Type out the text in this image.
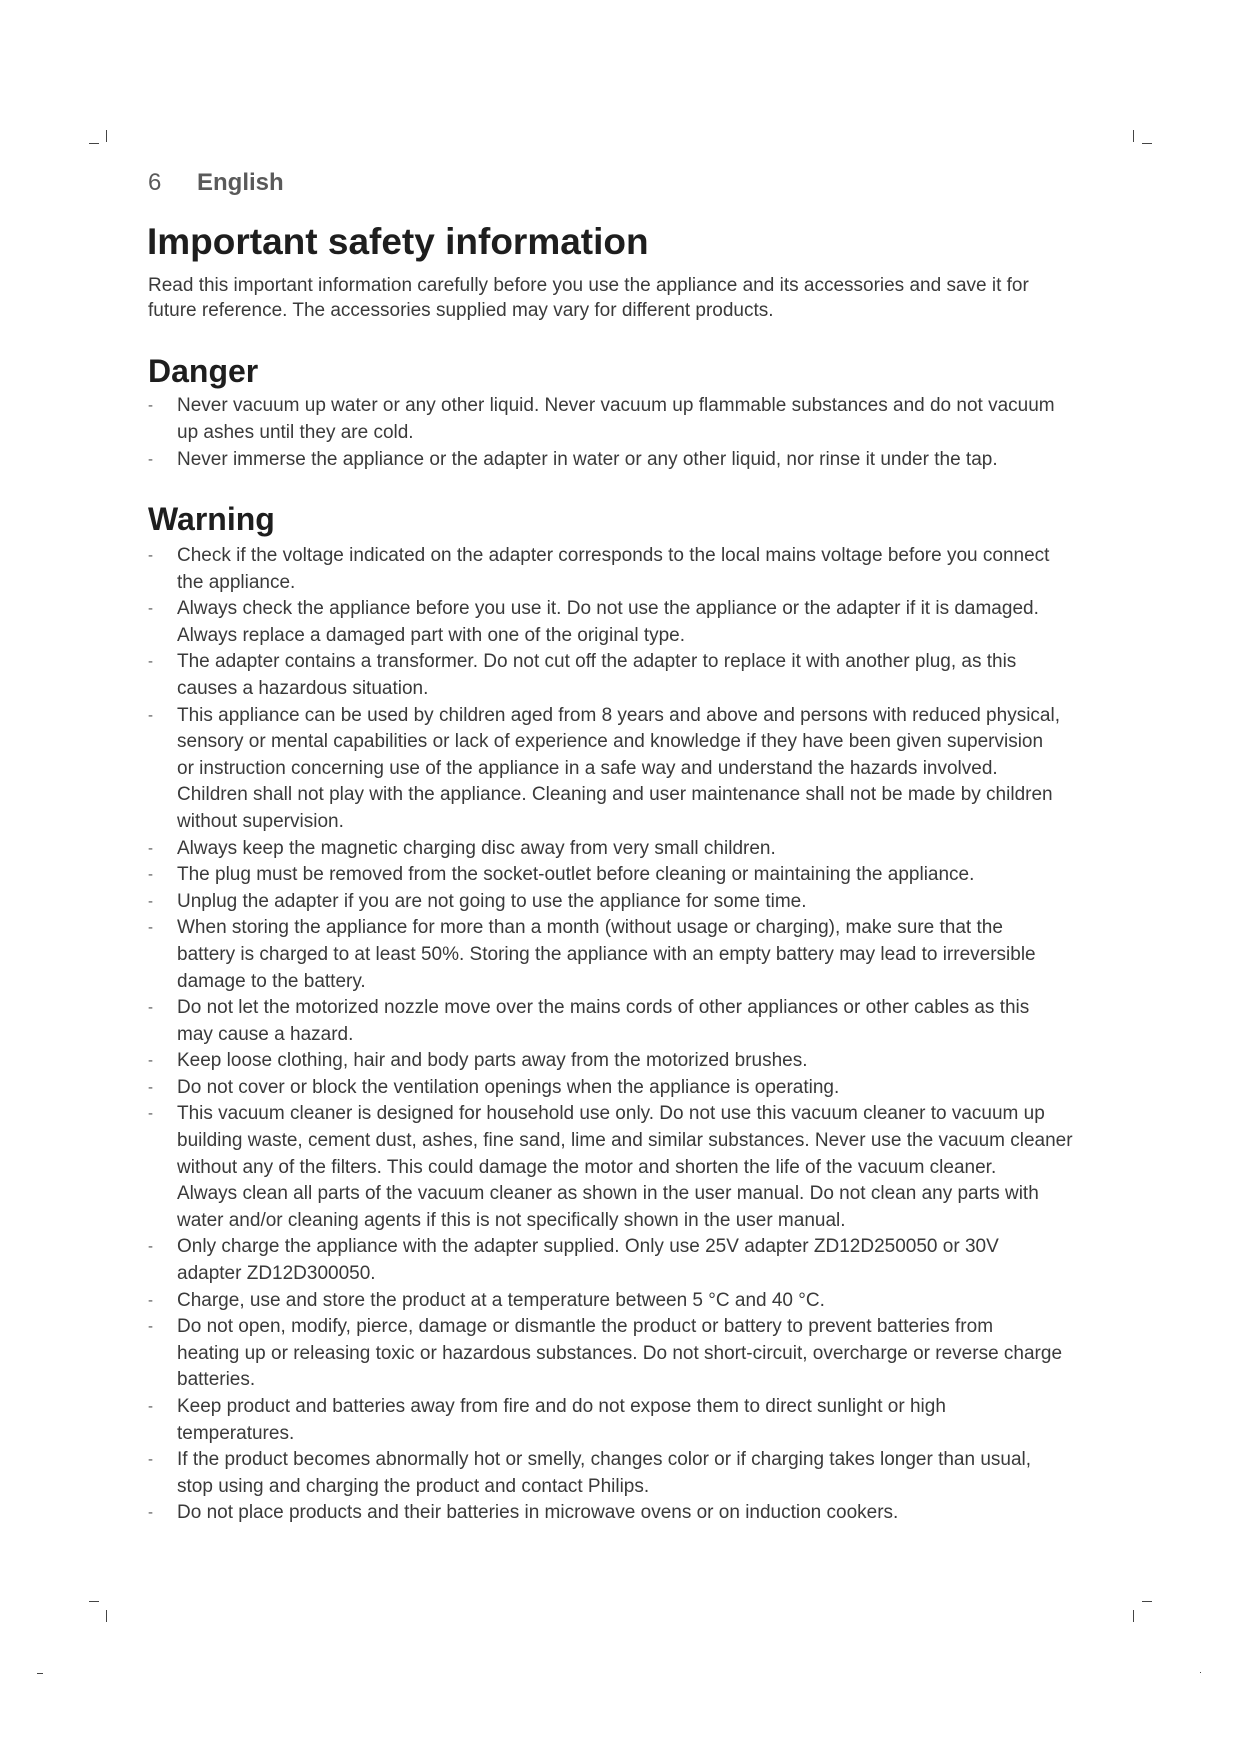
6 English
Important safety information
Read this important information carefully before you use the appliance and its accessories and save it for
future reference. The accessories supplied may vary for different products.
Danger
-	Never vacuum up water or any other liquid. Never vacuum up flammable substances and do not vacuum
up ashes until they are cold.
-	Never immerse the appliance or the adapter in water or any other liquid, nor rinse it under the tap.
Warning
-	Check if the voltage indicated on the adapter corresponds to the local mains voltage before you connect
the appliance.
-	Always check the appliance before you use it. Do not use the appliance or the adapter if it is damaged.
Always replace a damaged part with one of the original type.
-	The adapter contains a transformer. Do not cut off the adapter to replace it with another plug, as this
causes a hazardous situation.
-	This appliance can be used by children aged from 8 years and above and persons with reduced physical,
sensory or mental capabilities or lack of experience and knowledge if they have been given supervision
or instruction concerning use of the appliance in a safe way and understand the hazards involved.
Children shall not play with the appliance. Cleaning and user maintenance shall not be made by children
without supervision.
-	Always keep the magnetic charging disc away from very small children.
-	The plug must be removed from the socket-outlet before cleaning or maintaining the appliance.
-	Unplug the adapter if you are not going to use the appliance for some time.
-	When storing the appliance for more than a month (without usage or charging), make sure that the
battery is charged to at least 50%. Storing the appliance with an empty battery may lead to irreversible
damage to the battery.
-	Do not let the motorized nozzle move over the mains cords of other appliances or other cables as this
may cause a hazard.
-	Keep loose clothing, hair and body parts away from the motorized brushes.
-	Do not cover or block the ventilation openings when the appliance is operating.
-	This vacuum cleaner is designed for household use only. Do not use this vacuum cleaner to vacuum up
building waste, cement dust, ashes, fine sand, lime and similar substances. Never use the vacuum cleaner
without any of the filters. This could damage the motor and shorten the life of the vacuum cleaner.
Always clean all parts of the vacuum cleaner as shown in the user manual. Do not clean any parts with
water and/or cleaning agents if this is not specifically shown in the user manual.
-	Only charge the appliance with the adapter supplied. Only use 25V adapter ZD12D250050 or 30V
adapter ZD12D300050.
-	Charge, use and store the product at a temperature between 5 °C and 40 °C.
-	Do not open, modify, pierce, damage or dismantle the product or battery to prevent batteries from
heating up or releasing toxic or hazardous substances. Do not short-circuit, overcharge or reverse charge
batteries.
-	Keep product and batteries away from fire and do not expose them to direct sunlight or high
temperatures.
-	If the product becomes abnormally hot or smelly, changes color or if charging takes longer than usual,
stop using and charging the product and contact Philips.
-	Do not place products and their batteries in microwave ovens or on induction cookers.
